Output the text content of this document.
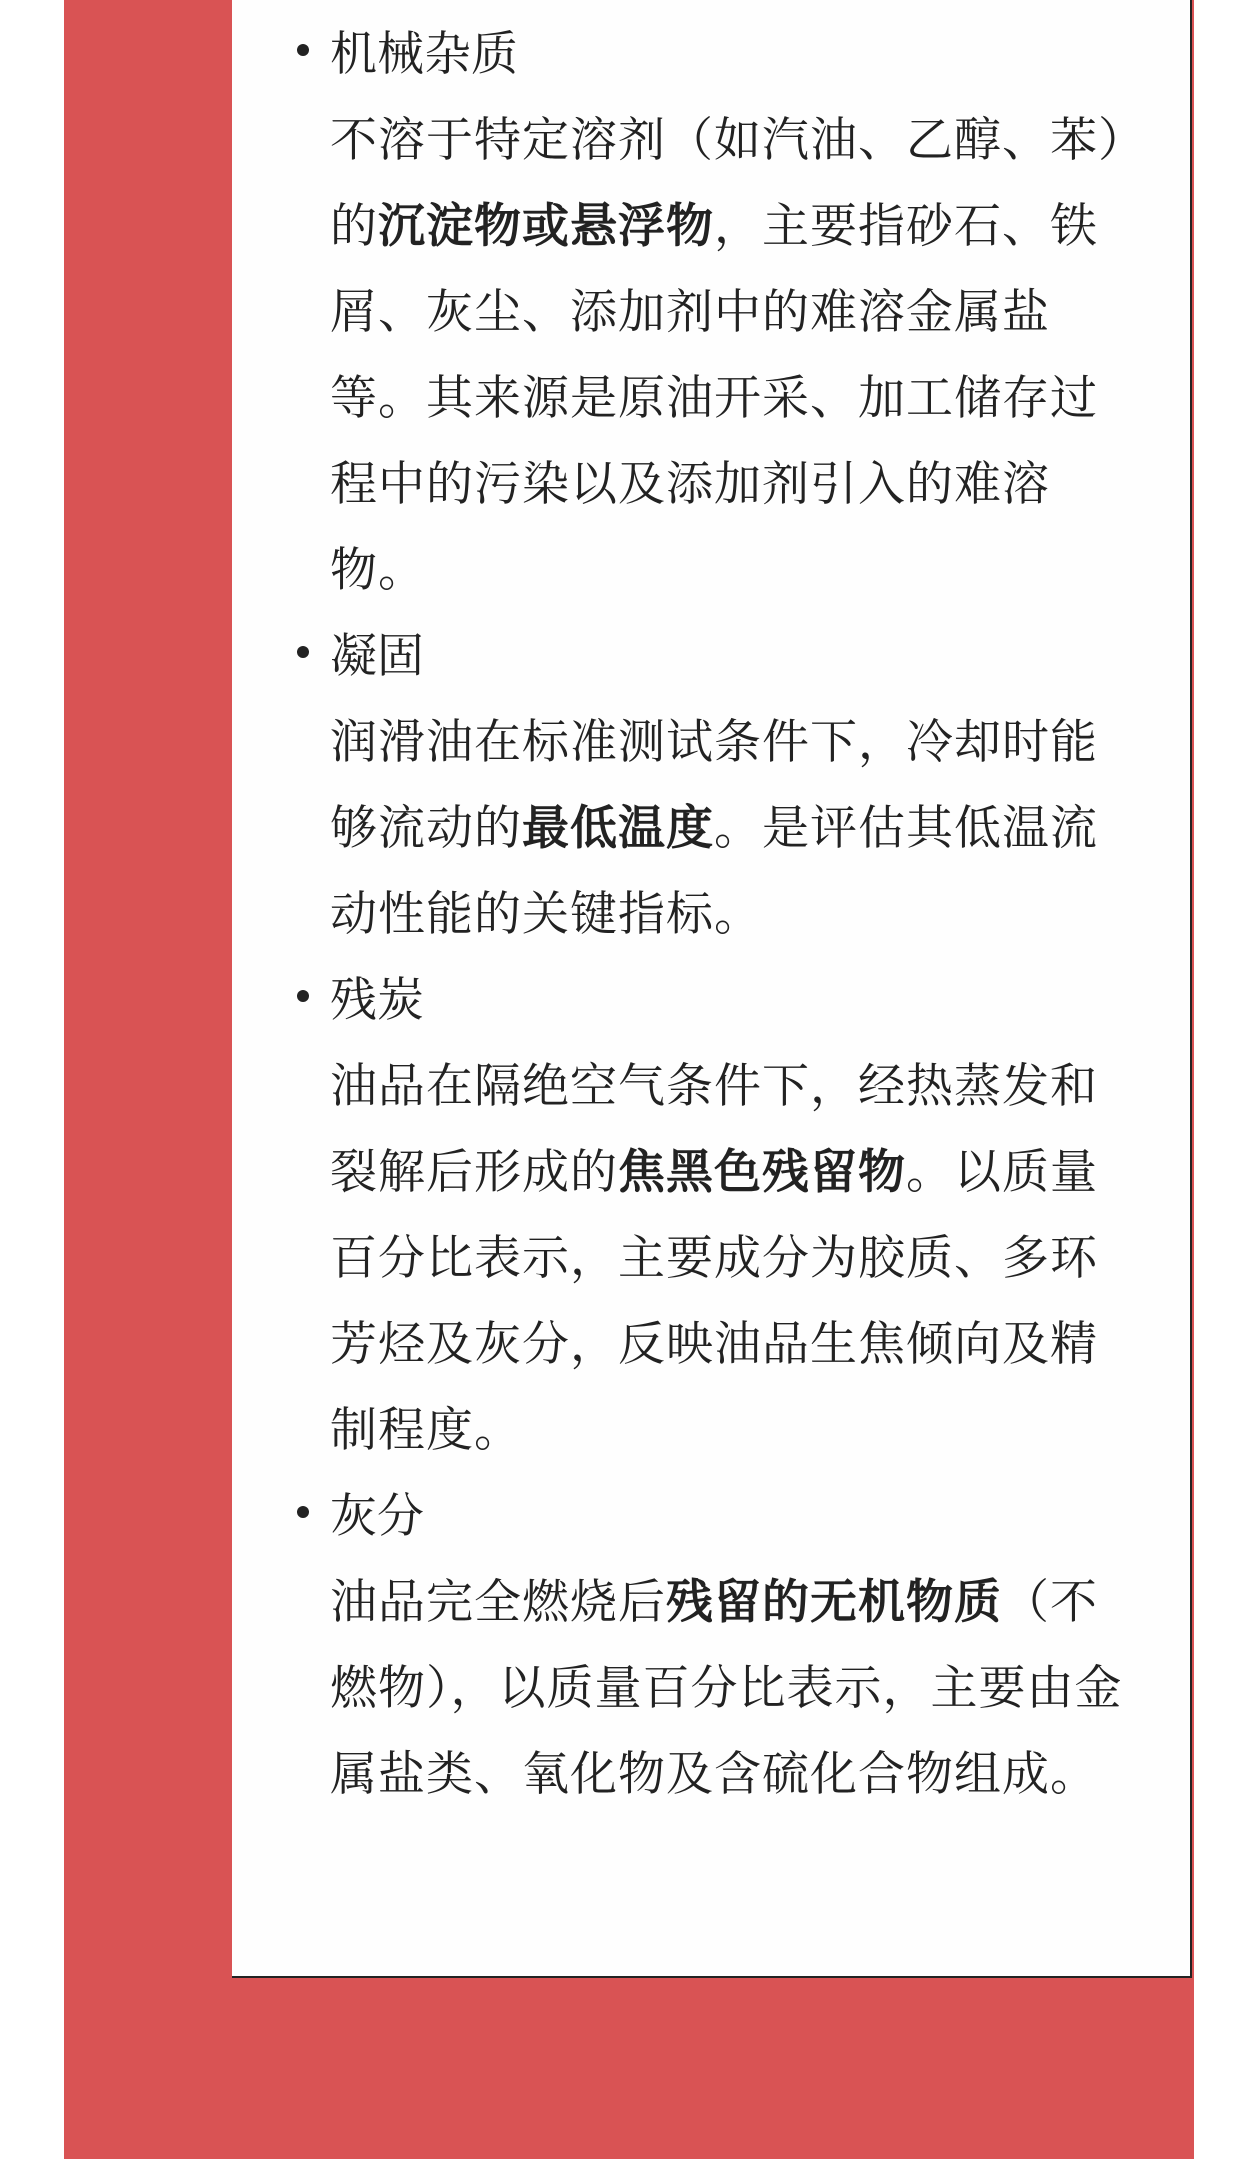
机械杂质
不溶于特定溶剂（如汽油、乙醇、苯）的沉淀物或悬浮物，主要指砂石、铁屑、灰尘、添加剂中的难溶金属盐等。其来源是原油开采、加工储存过程中的污染以及添加剂引入的难溶物。
凝固
润滑油在标准测试条件下，冷却时能够流动的最低温度。是评估其低温流动性能的关键指标。
残炭
油品在隔绝空气条件下，经热蒸发和裂解后形成的焦黑色残留物。以质量百分比表示，主要成分为胶质、多环芳烃及灰分，反映油品生焦倾向及精制程度。
灰分
油品完全燃烧后残留的无机物质（不燃物），以质量百分比表示，主要由金属盐类、氧化物及含硫化合物组成。
